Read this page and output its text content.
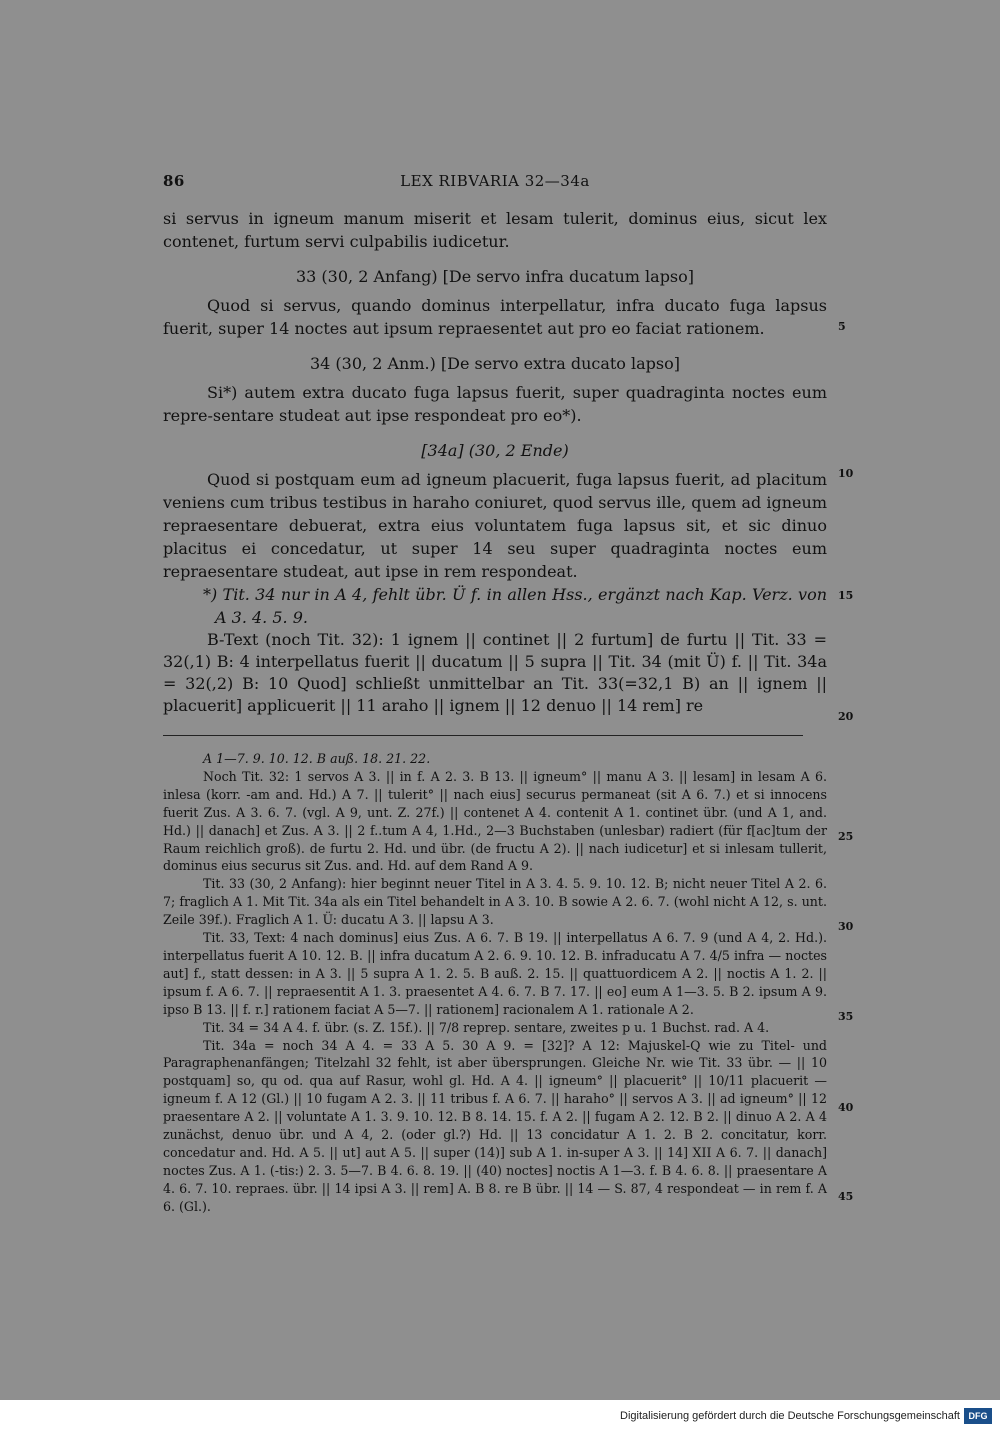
86	LEX RIBVARIA 32—34a

si servus in igneum manum miserit et lesam tulerit, dominus eius, sicut lex contenet, furtum servi culpabilis iudicetur.

33 (30, 2 Anfang) [De servo infra ducatum lapso]

Quod si servus, quando dominus interpellatur, infra ducato fuga lapsus fuerit, super 14 noctes aut ipsum repraesentet aut pro eo faciat rationem.

34 (30, 2 Anm.) [De servo extra ducato lapso]

Si*) autem extra ducato fuga lapsus fuerit, super quadraginta noctes eum repre-sentare studeat aut ipse respondeat pro eo*).

[34a] (30, 2 Ende)

Quod si postquam eum ad igneum placuerit, fuga lapsus fuerit, ad placitum veniens cum tribus testibus in haraho coniuret, quod servus ille, quem ad igneum repraesentare debuerat, extra eius voluntatem fuga lapsus sit, et sic dinuo placitus ei concedatur, ut super 14 seu super quadraginta noctes eum repraesentare studeat, aut ipse in rem respondeat.

*) Tit. 34 nur in A 4, fehlt übr. Ü f. in allen Hss., ergänzt nach Kap. Verz. von A 3. 4. 5. 9.

B-Text (noch Tit. 32): 1 ignem || continet || 2 furtum] de furtu || Tit. 33 = 32(,1) B: 4 interpellatus fuerit || ducatum || 5 supra || Tit. 34 (mit Ü) f. || Tit. 34a = 32(,2) B: 10 Quod] schließt unmittelbar an Tit. 33(=32,1 B) an || ignem || placuerit] applicuerit || 11 araho || ignem || 12 denuo || 14 rem] re

A 1—7. 9. 10. 12. B auß. 18. 21. 22.

Noch Tit. 32: 1 servos A 3. || in f. A 2. 3. B 13. || igneum° || manu A 3. || lesam] in lesam A 6. inlesa (korr. -am and. Hd.) A 7. || tulerit° || nach eius] securus permaneat (sit A 6. 7.) et si innocens fuerit Zus. A 3. 6. 7. (vgl. A 9, unt. Z. 27f.) || contenet A 4. contenit A 1. continet übr. (und A 1, and. Hd.) || danach] et Zus. A 3. || 2 f..tum A 4, 1.Hd., 2—3 Buchstaben (unlesbar) radiert (für f[ac]tum der Raum reichlich groß). de furtu 2. Hd. und übr. (de fructu A 2). || nach iudicetur] et si inlesam tullerit, dominus eius securus sit Zus. and. Hd. auf dem Rand A 9.

Tit. 33 (30, 2 Anfang): hier beginnt neuer Titel in A 3. 4. 5. 9. 10. 12. B; nicht neuer Titel A 2. 6. 7; fraglich A 1. Mit Tit. 34a als ein Titel behandelt in A 3. 10. B sowie A 2. 6. 7. (wohl nicht A 12, s. unt. Zeile 39f.). Fraglich A 1. Ü: ducatu A 3. || lapsu A 3.

Tit. 33, Text: 4 nach dominus] eius Zus. A 6. 7. B 19. || interpellatus A 6. 7. 9 (und A 4, 2. Hd.). interpellatus fuerit A 10. 12. B. || infra ducatum A 2. 6. 9. 10. 12. B. infraducatu A 7. 4/5 infra — noctes aut] f., statt dessen: in A 3. || 5 supra A 1. 2. 5. B auß. 2. 15. || quattuordicem A 2. || noctis A 1. 2. || ipsum f. A 6. 7. || repraesentit A 1. 3. praesentet A 4. 6. 7. B 7. 17. || eo] eum A 1—3. 5. B 2. ipsum A 9. ipso B 13. || f. r.] rationem faciat A 5—7. || rationem] racionalem A 1. rationale A 2.

Tit. 34 = 34 A 4. f. übr. (s. Z. 15f.). || 7/8 reprep. sentare, zweites p u. 1 Buchst. rad. A 4.

Tit. 34a = noch 34 A 4. = 33 A 5. 30 A 9. = [32]? A 12: Majuskel-Q wie zu Titel- und Paragraphenanfängen; Titelzahl 32 fehlt, ist aber übersprungen. Gleiche Nr. wie Tit. 33 übr. — || 10 postquam] so, qu od. qua auf Rasur, wohl gl. Hd. A 4. || igneum° || placuerit° || 10/11 placuerit — igneum f. A 12 (Gl.) || 10 fugam A 2. 3. || 11 tribus f. A 6. 7. || haraho° || servos A 3. || ad igneum° || 12 praesentare A 2. || voluntate A 1. 3. 9. 10. 12. B 8. 14. 15. f. A 2. || fugam A 2. 12. B 2. || dinuo A 2. A 4 zunächst, denuo übr. und A 4, 2. (oder gl.?) Hd. || 13 concidatur A 1. 2. B 2. concitatur, korr. concedatur and. Hd. A 5. || ut] aut A 5. || super (14)] sub A 1. in-super A 3. || 14] XII A 6. 7. || danach] noctes Zus. A 1. (-tis:) 2. 3. 5—7. B 4. 6. 8. 19. || (40) noctes] noctis A 1—3. f. B 4. 6. 8. || praesentare A 4. 6. 7. 10. repraes. übr. || 14 ipsi A 3. || rem] A. B 8. re B übr. || 14 — S. 87, 4 respondeat — in rem f. A 6. (Gl.).

5
10
15
20
25
30
35
40
45
Digitalisierung gefördert durch die Deutsche Forschungsgemeinschaft DFG
